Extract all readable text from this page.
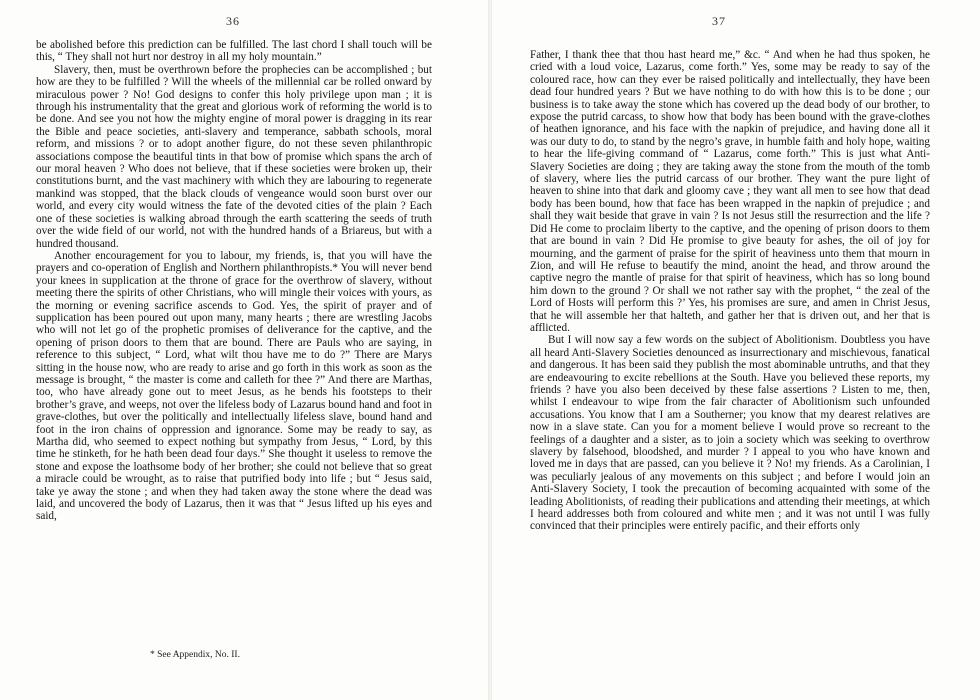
36

be abolished before this prediction can be fulfilled. The last chord I shall touch will be this, “ They shall not hurt nor destroy in all my holy mountain.”

Slavery, then, must be overthrown before the prophecies can be accomplished ; but how are they to be fulfilled ? Will the wheels of the millennial car be rolled onward by miraculous power ? No! God designs to confer this holy privilege upon man ; it is through his instrumentality that the great and glorious work of reforming the world is to be done. And see you not how the mighty engine of moral power is dragging in its rear the Bible and peace societies, anti-slavery and temperance, sabbath schools, moral reform, and missions ? or to adopt another figure, do not these seven philanthropic associations compose the beautiful tints in that bow of promise which spans the arch of our moral heaven ? Who does not believe, that if these societies were broken up, their constitutions burnt, and the vast machinery with which they are labouring to regenerate mankind was stopped, that the black clouds of vengeance would soon burst over our world, and every city would witness the fate of the devoted cities of the plain ? Each one of these societies is walking abroad through the earth scattering the seeds of truth over the wide field of our world, not with the hundred hands of a Briareus, but with a hundred thousand.

Another encouragement for you to labour, my friends, is, that you will have the prayers and co-operation of English and Northern philanthropists.* You will never bend your knees in supplication at the throne of grace for the overthrow of slavery, without meeting there the spirits of other Christians, who will mingle their voices with yours, as the morning or evening sacrifice ascends to God. Yes, the spirit of prayer and of supplication has been poured out upon many, many hearts ; there are wrestling Jacobs who will not let go of the prophetic promises of deliverance for the captive, and the opening of prison doors to them that are bound. There are Pauls who are saying, in reference to this subject, “ Lord, what wilt thou have me to do ?” There are Marys sitting in the house now, who are ready to arise and go forth in this work as soon as the message is brought, “ the master is come and calleth for thee ?” And there are Marthas, too, who have already gone out to meet Jesus, as he bends his footsteps to their brother’s grave, and weeps, not over the lifeless body of Lazarus bound hand and foot in grave-clothes, but over the politically and intellectually lifeless slave, bound hand and foot in the iron chains of oppression and ignorance. Some may be ready to say, as Martha did, who seemed to expect nothing but sympathy from Jesus, “ Lord, by this time he stinketh, for he hath been dead four days.” She thought it useless to remove the stone and expose the loathsome body of her brother; she could not believe that so great a miracle could be wrought, as to raise that putrified body into life ; but “ Jesus said, take ye away the stone ; and when they had taken away the stone where the dead was laid, and uncovered the body of Lazarus, then it was that “ Jesus lifted up his eyes and said,

* See Appendix, No. II.
37

Father, I thank thee that thou hast heard me,” &c. “ And when he had thus spoken, he cried with a loud voice, Lazarus, come forth.” Yes, some may be ready to say of the coloured race, how can they ever be raised politically and intellectually, they have been dead four hundred years ? But we have nothing to do with how this is to be done ; our business is to take away the stone which has covered up the dead body of our brother, to expose the putrid carcass, to show how that body has been bound with the grave-clothes of heathen ignorance, and his face with the napkin of prejudice, and having done all it was our duty to do, to stand by the negro’s grave, in humble faith and holy hope, waiting to hear the life-giving command of “ Lazarus, come forth.” This is just what Anti-Slavery Societies are doing ; they are taking away the stone from the mouth of the tomb of slavery, where lies the putrid carcass of our brother. They want the pure light of heaven to shine into that dark and gloomy cave ; they want all men to see how that dead body has been bound, how that face has been wrapped in the napkin of prejudice ; and shall they wait beside that grave in vain ? Is not Jesus still the resurrection and the life ? Did He come to proclaim liberty to the captive, and the opening of prison doors to them that are bound in vain ? Did He promise to give beauty for ashes, the oil of joy for mourning, and the garment of praise for the spirit of heaviness unto them that mourn in Zion, and will He refuse to beautify the mind, anoint the head, and throw around the captive negro the mantle of praise for that spirit of heaviness, which has so long bound him down to the ground ? Or shall we not rather say with the prophet, “ the zeal of the Lord of Hosts will perform this ?’ Yes, his promises are sure, and amen in Christ Jesus, that he will assemble her that halteth, and gather her that is driven out, and her that is afflicted.

But I will now say a few words on the subject of Abolitionism. Doubtless you have all heard Anti-Slavery Societies denounced as insurrectionary and mischievous, fanatical and dangerous. It has been said they publish the most abominable untruths, and that they are endeavouring to excite rebellions at the South. Have you believed these reports, my friends ? have you also been deceived by these false assertions ? Listen to me, then, whilst I endeavour to wipe from the fair character of Abolitionism such unfounded accusations. You know that I am a Southerner; you know that my dearest relatives are now in a slave state. Can you for a moment believe I would prove so recreant to the feelings of a daughter and a sister, as to join a society which was seeking to overthrow slavery by falsehood, bloodshed, and murder ? I appeal to you who have known and loved me in days that are passed, can you believe it ? No! my friends. As a Carolinian, I was peculiarly jealous of any movements on this subject ; and before I would join an Anti-Slavery Society, I took the precaution of becoming acquainted with some of the leading Abolitionists, of reading their publications and attending their meetings, at which I heard addresses both from coloured and white men ; and it was not until I was fully convinced that their principles were entirely pacific, and their efforts only
